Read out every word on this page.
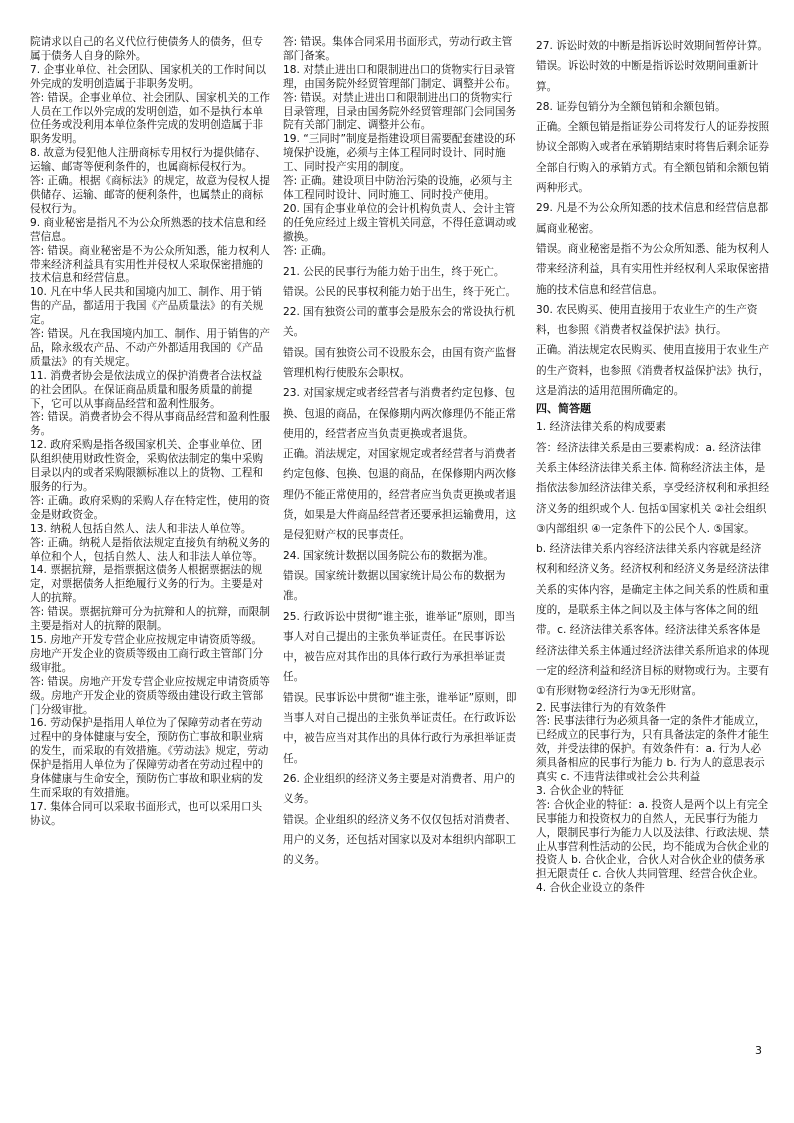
院请求以自己的名义代位行使债务人的债务，但专属于债务人自身的除外。

7. 企事业单位、社会团队、国家机关的工作时间以外完成的发明创造属于非职务发明。

答: 错误。企事业单位、社会团队、国家机关的工作人员在工作以外完成的发明创造，如不是执行本单位任务或没利用本单位条件完成的发明创造属于非职务发明。

8. 故意为侵犯他人注册商标专用权行为提供储存、运输、邮寄等便利条件的，也属商标侵权行为。

答: 正确。根据《商标法》的规定，故意为侵权人提供储存、运输、邮寄的便利条件，也属禁止的商标侵权行为。

9. 商业秘密是指凡不为公众所熟悉的技术信息和经营信息。

答: 错误。商业秘密是不为公众所知悉，能力权利人带来经济利益具有实用性并侵权人采取保密措施的技术信息和经营信息。

10. 凡在中华人民共和国境内加工、制作、用于销售的产品，都适用于我国《产品质量法》的有关规定。

答: 错误。凡在我国境内加工、制作、用于销售的产品，除永级农产品、不动产外都适用我国的《产品质量法》的有关规定。

11. 消费者协会是依法成立的保护消费者合法权益的社会团队。在保证商品质量和服务质量的前提下，它可以从事商品经营和盈利性服务。

答: 错误。消费者协会不得从事商品经营和盈利性服务。

12. 政府采购是指各级国家机关、企事业单位、团队组织使用财政性资金，采购依法制定的集中采购目录以内的或者采购限额标准以上的货物、工程和服务的行为。

答: 正确。政府采购的采购人存在特定性，使用的资金是财政资金。

13. 纳税人包括自然人、法人和非法人单位等。

答: 正确。纳税人是指依法规定直接负有纳税义务的单位和个人，包括自然人、法人和非法人单位等。

14. 票据抗辩，是指票据这债务人根据票据法的规定，对票据债务人拒绝履行义务的行为。主要是对人的抗辩。

答: 错误。票据抗辩可分为抗辩和人的抗辩，而限制主要是指对人的抗辩的限制。

15. 房地产开发专营企业应按规定申请资质等级。房地产开发企业的资质等级由工商行政主管部门分级审批。

答: 错误。房地产开发专营企业应按规定申请资质等级。房地产开发企业的资质等级由建设行政主管部门分级审批。

16. 劳动保护是指用人单位为了保障劳动者在劳动过程中的身体健康与安全，预防伤亡事故和职业病的发生，而采取的有效措施。《劳动法》规定，劳动保护是指用人单位为了保障劳动者在劳动过程中的身体健康与生命安全，预防伤亡事故和职业病的发生而采取的有效措施。

17. 集体合同可以采取书面形式，也可以采用口头协议。

答: 错误。集体合同采用书面形式，劳动行政主管部门备案。

18. 对禁止进出口和限制进出口的货物实行目录管理，由国务院外经贸管理部门制定、调整并公布。

答: 错误。对禁止进出口和限制进出口的货物实行目录管理，目录由国务院外经贸管理部门会同国务院有关部门制定、调整并公布。

19. “三同时”制度是指建设项目需要配套建设的环境保护设施，必须与主体工程同时设计、同时施工、同时投产实用的制度。

答: 正确。建设项目中防治污染的设施，必须与主体工程同时设计、同时施工、同时投产使用。

20. 国有企事业单位的会计机构负责人、会计主管的任免应经过上级主管机关同意，不得任意调动或撤换。

答: 正确。

21. 公民的民事行为能力始于出生，终于死亡。

错误。公民的民事权利能力始于出生，终于死亡。

22. 国有独资公司的董事会是股东会的常设执行机关。

错误。国有独资公司不设股东会，由国有资产监督管理机构行使股东会职权。

23. 对国家规定或者经营者与消费者约定包修、包换、包退的商品，在保修期内两次修理仍不能正常使用的，经营者应当负责更换或者退货。

正确。消法规定，对国家规定或者经营者与消费者约定包修、包换、包退的商品，在保修期内两次修理仍不能正常使用的，经营者应当负责更换或者退货，如果是大件商品经营者还要承担运输费用，这是侵犯财产权的民事责任。

24. 国家统计数据以国务院公布的数据为准。

错误。国家统计数据以国家统计局公布的数据为准。

25. 行政诉讼中贯彻“谁主张，谁举证”原则，即当事人对自己提出的主张负举证责任。在民事诉讼中，被告应对其作出的具体行政行为承担举证责任。

错误。民事诉讼中贯彻“谁主张，谁举证”原则，即当事人对自己提出的主张负举证责任。在行政诉讼中，被告应当对其作出的具体行政行为承担举证责任。

26. 企业组织的经济义务主要是对消费者、用户的义务。

错误。企业组织的经济义务不仅仅包括对消费者、用户的义务，还包括对国家以及对本组织内部职工的义务。

27. 诉讼时效的中断是指诉讼时效期间暂停计算。

错误。诉讼时效的中断是指诉讼时效期间重新计算。

28. 证券包销分为全额包销和余额包销。

正确。全额包销是指证券公司将发行人的证券按照协议全部购入或者在承销期结束时将售后剩余证券全部自行购入的承销方式。有全额包销和余额包销两种形式。

29. 凡是不为公众所知悉的技术信息和经营信息都属商业秘密。

错误。商业秘密是指不为公众所知悉、能为权利人带来经济利益，具有实用性并经权利人采取保密措施的技术信息和经营信息。

30. 农民购买、使用直接用于农业生产的生产资料，也参照《消费者权益保护法》执行。

正确。消法规定农民购买、使用直接用于农业生产的生产资料，也参照《消费者权益保护法》执行，这是消法的适用范围所确定的。

四、简答题

1. 经济法律关系的构成要素

答：经济法律关系是由三要素构成：a. 经济法律关系主体经济法律关系主体. 简称经济法主体，是指依法参加经济法律关系，享受经济权利和承担经济义务的组织或个人. 包括①国家机关 ②社会组织 ③内部组织 ④一定条件下的公民个人. ⑤国家。

b. 经济法律关系内容经济法律关系内容就是经济权利和经济义务。经济权利和经济义务是经济法律关系的实体内容，是确定主体之间关系的性质和重度的，是联系主体之间以及主体与客体之间的纽带。c. 经济法律关系客体。经济法律关系客体是经济法律关系主体通过经济法律关系所追求的体现一定的经济利益和经济目标的财物或行为。主要有①有形财物②经济行为③无形财富。

2. 民事法律行为的有效条件

答: 民事法律行为必须具备一定的条件才能成立，已经成立的民事行为，只有具备法定的条件才能生效，并受法律的保护。有效条件有：a. 行为人必须具备相应的民事行为能力 b. 行为人的意思表示真实 c. 不违背法律或社会公共利益

3. 合伙企业的特征

答: 合伙企业的特征：a. 投资人是两个以上有完全民事能力和投资权力的自然人，无民事行为能力人，限制民事行为能力人以及法律、行政法规、禁止从事营利性活动的公民，均不能成为合伙企业的投资人 b. 合伙企业，合伙人对合伙企业的债务承担无限责任 c. 合伙人共同管理、经营合伙企业。

4. 合伙企业设立的条件

3
